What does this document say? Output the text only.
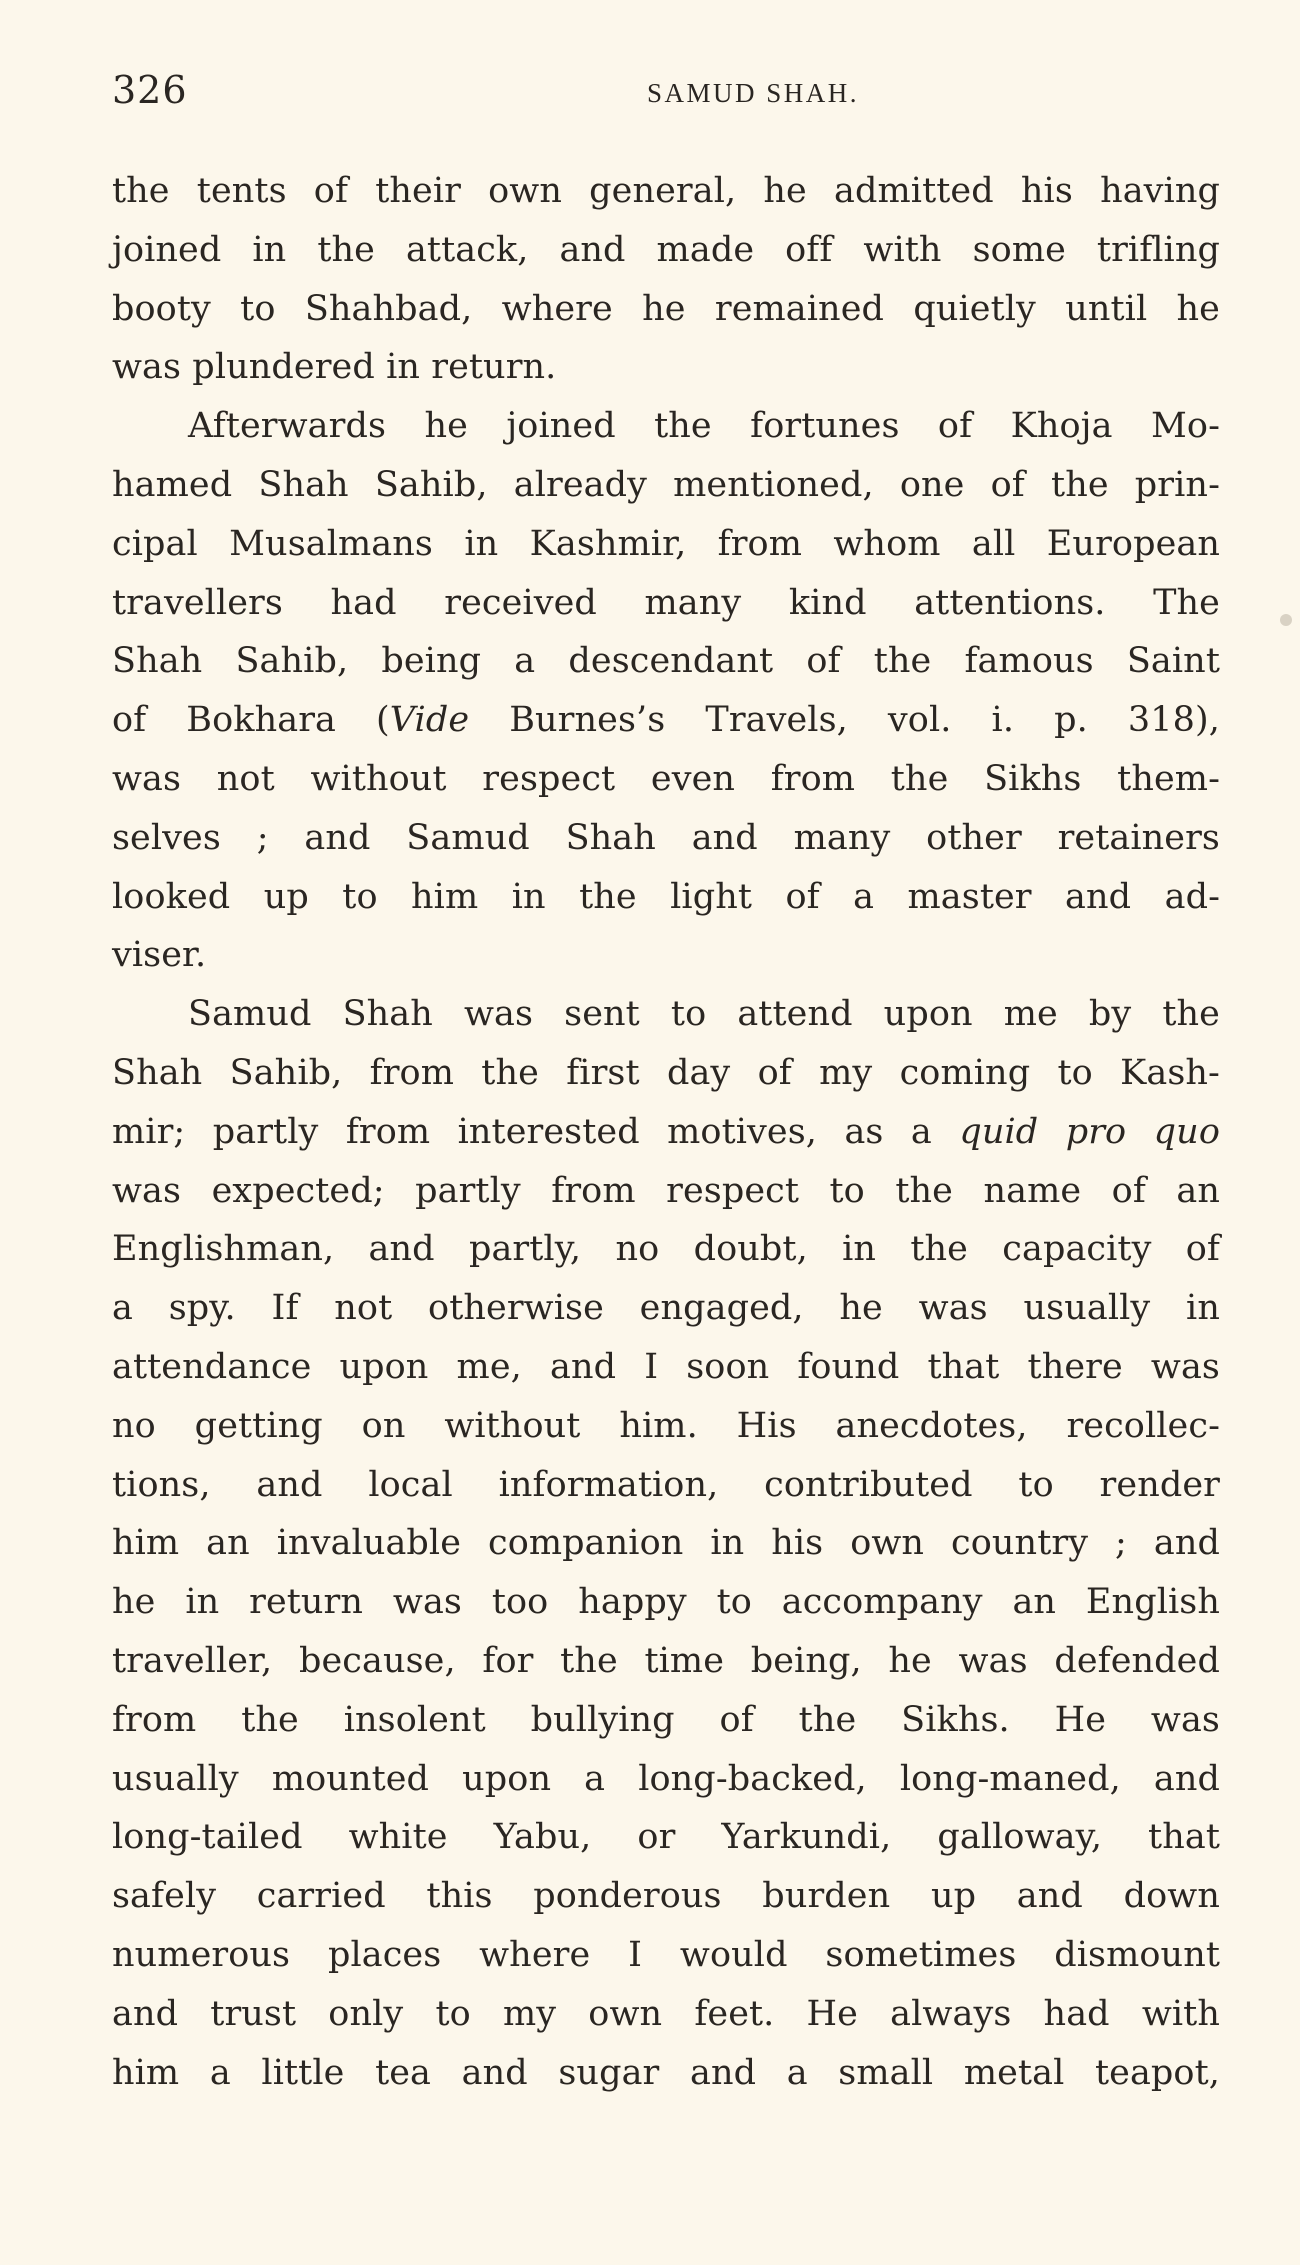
326	SAMUD SHAH.
the tents of their own general, he admitted his having
joined in the attack, and made off with some trifling
booty to Shahbad, where he remained quietly until he
was plundered in return.
Afterwards he joined the fortunes of Khoja Mo-
hamed Shah Sahib, already mentioned, one of the prin-
cipal Musalmans in Kashmir, from whom all European
travellers had received many kind attentions. The
Shah Sahib, being a descendant of the famous Saint
of Bokhara (Vide Burnes’s Travels, vol. i. p. 318),
was not without respect even from the Sikhs them-
selves ; and Samud Shah and many other retainers
looked up to him in the light of a master and ad-
viser.
Samud Shah was sent to attend upon me by the
Shah Sahib, from the first day of my coming to Kash-
mir; partly from interested motives, as a quid pro quo
was expected; partly from respect to the name of an
Englishman, and partly, no doubt, in the capacity of
a spy. If not otherwise engaged, he was usually in
attendance upon me, and I soon found that there was
no getting on without him. His anecdotes, recollec-
tions, and local information, contributed to render
him an invaluable companion in his own country ; and
he in return was too happy to accompany an English
traveller, because, for the time being, he was defended
from the insolent bullying of the Sikhs. He was
usually mounted upon a long-backed, long-maned, and
long-tailed white Yabu, or Yarkundi, galloway, that
safely carried this ponderous burden up and down
numerous places where I would sometimes dismount
and trust only to my own feet. He always had with
him a little tea and sugar and a small metal teapot,
